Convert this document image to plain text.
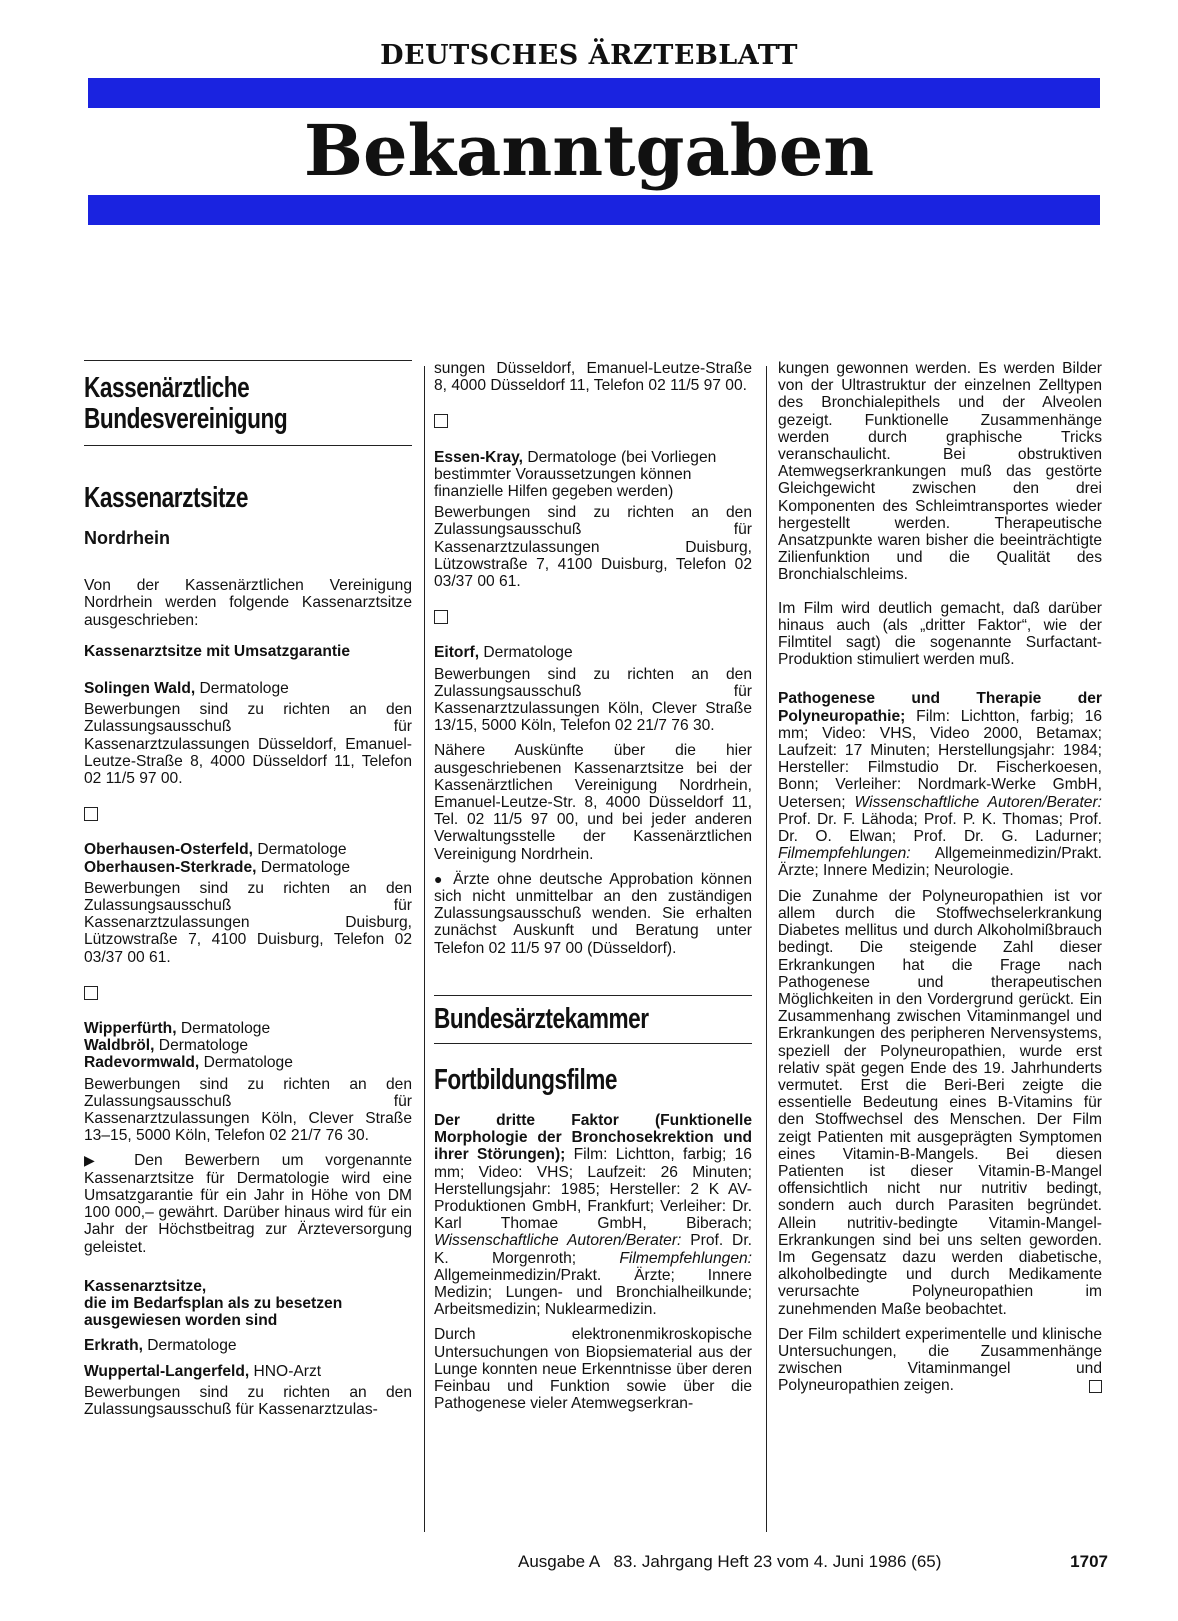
DEUTSCHES ÄRZTEBLATT
Bekanntgaben
Kassenärztliche Bundesvereinigung
Kassenarztsitze
Nordrhein

Von der Kassenärztlichen Vereinigung Nordrhein werden folgende Kassenarztsitze ausgeschrieben:

Kassenarztsitze mit Umsatzgarantie

Solingen Wald, Dermatologe

Bewerbungen sind zu richten an den Zulassungsausschuß für Kassenarztzulassungen Düsseldorf, Emanuel-Leutze-Straße 8, 4000 Düsseldorf 11, Telefon 02 11/5 97 00.

Oberhausen-Osterfeld, Dermatologe

Oberhausen-Sterkrade, Dermatologe

Bewerbungen sind zu richten an den Zulassungsausschuß für Kassenarztzulassungen Duisburg, Lützowstraße 7, 4100 Duisburg, Telefon 02 03/37 00 61.

Wipperfürth, Dermatologe

Waldbröl, Dermatologe

Radevormwald, Dermatologe

Bewerbungen sind zu richten an den Zulassungsausschuß für Kassenarztzulassungen Köln, Clever Straße 13–15, 5000 Köln, Telefon 02 21/7 76 30.

▶ Den Bewerbern um vorgenannte Kassenarztsitze für Dermatologie wird eine Umsatzgarantie für ein Jahr in Höhe von DM 100 000,– gewährt. Darüber hinaus wird für ein Jahr der Höchstbeitrag zur Ärzteversorgung geleistet.

Kassenarztsitze,

die im Bedarfsplan als zu besetzen

ausgewiesen worden sind

Erkrath, Dermatologe

Wuppertal-Langerfeld, HNO-Arzt

Bewerbungen sind zu richten an den Zulassungsausschuß für Kassenarztzulas-

sungen Düsseldorf, Emanuel-Leutze-Straße 8, 4000 Düsseldorf 11, Telefon 02 11/5 97 00.

Essen-Kray, Dermatologe (bei Vorliegen bestimmter Voraussetzungen können finanzielle Hilfen gegeben werden)

Bewerbungen sind zu richten an den Zulassungsausschuß für Kassenarztzulassungen Duisburg, Lützowstraße 7, 4100 Duisburg, Telefon 02 03/37 00 61.

Eitorf, Dermatologe

Bewerbungen sind zu richten an den Zulassungsausschuß für Kassenarztzulassungen Köln, Clever Straße 13/15, 5000 Köln, Telefon 02 21/7 76 30.

Nähere Auskünfte über die hier ausgeschriebenen Kassenarztsitze bei der Kassenärztlichen Vereinigung Nordrhein, Emanuel-Leutze-Str. 8, 4000 Düsseldorf 11, Tel. 02 11/5 97 00, und bei jeder anderen Verwaltungsstelle der Kassenärztlichen Vereinigung Nordrhein.

● Ärzte ohne deutsche Approbation können sich nicht unmittelbar an den zuständigen Zulassungsausschuß wenden. Sie erhalten zunächst Auskunft und Beratung unter Telefon 02 11/5 97 00 (Düsseldorf).

Bundesärztekammer
Fortbildungsfilme

Der dritte Faktor (Funktionelle Morphologie der Bronchosekrektion und ihrer Störungen); Film: Lichtton, farbig; 16 mm; Video: VHS; Laufzeit: 26 Minuten; Herstellungsjahr: 1985; Hersteller: 2 K AV-Produktionen GmbH, Frankfurt; Verleiher: Dr. Karl Thomae GmbH, Biberach; Wissenschaftliche Autoren/Berater: Prof. Dr. K. Morgenroth; Filmempfehlungen: Allgemeinmedizin/Prakt. Ärzte; Innere Medizin; Lungen- und Bronchialheilkunde; Arbeitsmedizin; Nuklearmedizin.

Durch elektronenmikroskopische Untersuchungen von Biopsiematerial aus der Lunge konnten neue Erkenntnisse über deren Feinbau und Funktion sowie über die Pathogenese vieler Atemwegserkran-

kungen gewonnen werden. Es werden Bilder von der Ultrastruktur der einzelnen Zelltypen des Bronchialepithels und der Alveolen gezeigt. Funktionelle Zusammenhänge werden durch graphische Tricks veranschaulicht. Bei obstruktiven Atemwegserkrankungen muß das gestörte Gleichgewicht zwischen den drei Komponenten des Schleimtransportes wieder hergestellt werden. Therapeutische Ansatzpunkte waren bisher die beeinträchtigte Zilienfunktion und die Qualität des Bronchialschleims.

Im Film wird deutlich gemacht, daß darüber hinaus auch (als „dritter Faktor“, wie der Filmtitel sagt) die sogenannte Surfactant-Produktion stimuliert werden muß.

Pathogenese und Therapie der Polyneuropathie; Film: Lichtton, farbig; 16 mm; Video: VHS, Video 2000, Betamax; Laufzeit: 17 Minuten; Herstellungsjahr: 1984; Hersteller: Filmstudio Dr. Fischerkoesen, Bonn; Verleiher: Nordmark-Werke GmbH, Uetersen; Wissenschaftliche Autoren/Berater: Prof. Dr. F. Lähoda; Prof. P. K. Thomas; Prof. Dr. O. Elwan; Prof. Dr. G. Ladurner; Filmempfehlungen: Allgemeinmedizin/Prakt. Ärzte; Innere Medizin; Neurologie.

Die Zunahme der Polyneuropathien ist vor allem durch die Stoffwechselerkrankung Diabetes mellitus und durch Alkoholmißbrauch bedingt. Die steigende Zahl dieser Erkrankungen hat die Frage nach Pathogenese und therapeutischen Möglichkeiten in den Vordergrund gerückt. Ein Zusammenhang zwischen Vitaminmangel und Erkrankungen des peripheren Nervensystems, speziell der Polyneuropathien, wurde erst relativ spät gegen Ende des 19. Jahrhunderts vermutet. Erst die Beri-Beri zeigte die essentielle Bedeutung eines B-Vitamins für den Stoffwechsel des Menschen. Der Film zeigt Patienten mit ausgeprägten Symptomen eines Vitamin-B-Mangels. Bei diesen Patienten ist dieser Vitamin-B-Mangel offensichtlich nicht nur nutritiv bedingt, sondern auch durch Parasiten begründet. Allein nutritiv-bedingte Vitamin-Mangel-Erkrankungen sind bei uns selten geworden. Im Gegensatz dazu werden diabetische, alkoholbedingte und durch Medikamente verursachte Polyneuropathien im zunehmenden Maße beobachtet.

Der Film schildert experimentelle und klinische Untersuchungen, die Zusammenhänge zwischen Vitaminmangel und Polyneuropathien zeigen.

Ausgabe A   83. Jahrgang Heft 23 vom 4. Juni 1986 (65)	1707
